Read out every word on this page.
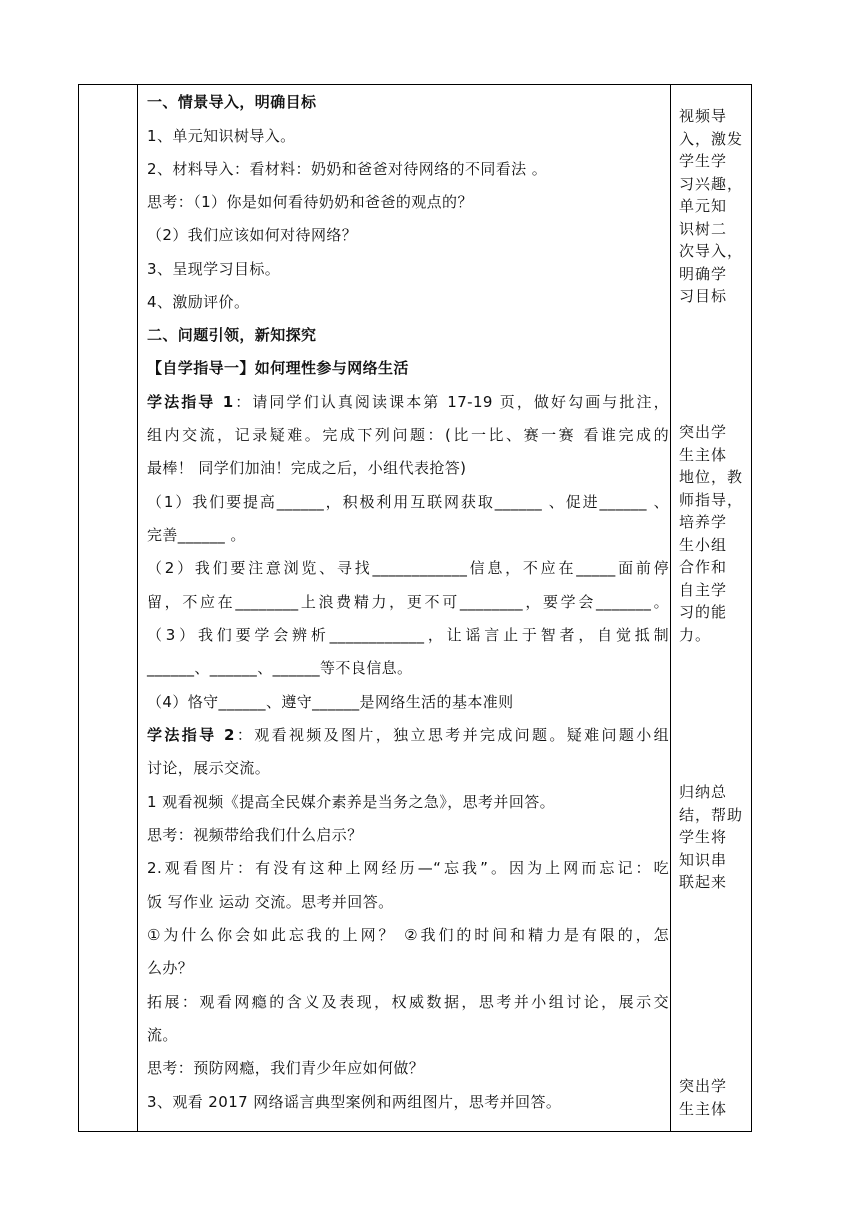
一、情景导入，明确目标
1、单元知识树导入。
2、材料导入：看材料：奶奶和爸爸对待网络的不同看法 。
思考：（1）你是如何看待奶奶和爸爸的观点的？
（2）我们应该如何对待网络？
3、呈现学习目标。
4、激励评价。
二、问题引领，新知探究
【自学指导一】如何理性参与网络生活
学法指导 1：请同学们认真阅读课本第 17-19 页，做好勾画与批注，
组内交流，记录疑难。完成下列问题：(比一比、赛一赛 看谁完成的
最棒！ 同学们加油！完成之后，小组代表抢答)
（1）我们要提高______，积极利用互联网获取______ 、促进______ 、
完善______ 。
（2）我们要注意浏览、寻找____________信息，不应在_____面前停
留，不应在________上浪费精力，更不可________，要学会_______。
（3）我们要学会辨析____________，让谣言止于智者，自觉抵制
______、______、______等不良信息。
（4）恪守______、遵守______是网络生活的基本准则
学法指导 2：观看视频及图片，独立思考并完成问题。疑难问题小组
讨论，展示交流。
1 观看视频《提高全民媒介素养是当务之急》，思考并回答。
思考：视频带给我们什么启示？
2.观看图片：有没有这种上网经历—“忘我”。因为上网而忘记：吃
饭 写作业 运动 交流。思考并回答。
①为什么你会如此忘我的上网？ ②我们的时间和精力是有限的，怎
么办？
拓展：观看网瘾的含义及表现，权威数据，思考并小组讨论，展示交
流。
思考：预防网瘾，我们青少年应如何做？
3、观看 2017 网络谣言典型案例和两组图片，思考并回答。
视频导
入，激发
学生学
习兴趣，
单元知
识树二
次导入，
明确学
习目标
突出学
生主体
地位，教
师指导，
培养学
生小组
合作和
自主学
习的能
力。
归纳总
结，帮助
学生将
知识串
联起来
突出学
生主体
